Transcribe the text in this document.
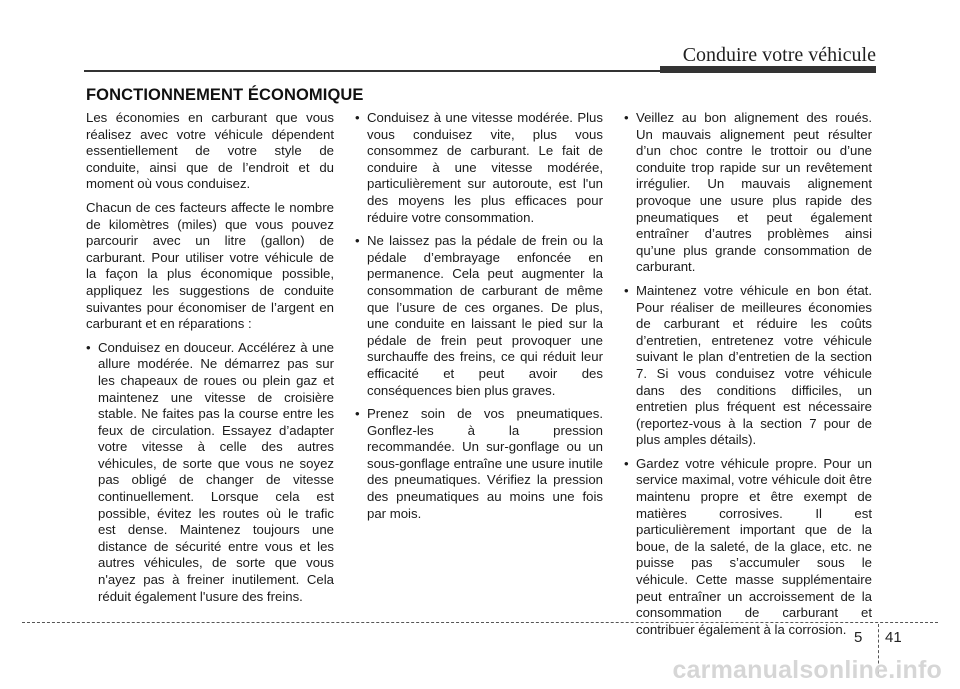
Conduire votre véhicule
FONCTIONNEMENT ÉCONOMIQUE

Les économies en carburant que vous réalisez avec votre véhicule dépendent essentiellement de votre style de conduite, ainsi que de l’endroit et du moment où vous conduisez.

Chacun de ces facteurs affecte le nombre de kilomètres (miles) que vous pouvez parcourir avec un litre (gallon) de carburant. Pour utiliser votre véhicule de la façon la plus économique possible, appliquez les suggestions de conduite suivantes pour économiser de l’argent en carburant et en réparations :

• Conduisez en douceur. Accélérez à une allure modérée. Ne démarrez pas sur les chapeaux de roues ou plein gaz et maintenez une vitesse de croisière stable. Ne faites pas la course entre les feux de circulation. Essayez d’adapter votre vitesse à celle des autres véhicules, de sorte que vous ne soyez pas obligé de changer de vitesse continuellement. Lorsque cela est possible, évitez les routes où le trafic est dense. Maintenez toujours une distance de sécurité entre vous et les autres véhicules, de sorte que vous n'ayez pas à freiner inutilement. Cela réduit également l'usure des freins.
• Conduisez à une vitesse modérée. Plus vous conduisez vite, plus vous consommez de carburant. Le fait de conduire à une vitesse modérée, particulièrement sur autoroute, est l'un des moyens les plus efficaces pour réduire votre consommation.
• Ne laissez pas la pédale de frein ou la pédale d’embrayage enfoncée en permanence. Cela peut augmenter la consommation de carburant de même que l’usure de ces organes. De plus, une conduite en laissant le pied sur la pédale de frein peut provoquer une surchauffe des freins, ce qui réduit leur efficacité et peut avoir des conséquences bien plus graves.
• Prenez soin de vos pneumatiques. Gonflez-les à la pression recommandée. Un sur-gonflage ou un sous-gonflage entraîne une usure inutile des pneumatiques. Vérifiez la pression des pneumatiques au moins une fois par mois.
• Veillez au bon alignement des roués. Un mauvais alignement peut résulter d’un choc contre le trottoir ou d’une conduite trop rapide sur un revêtement irrégulier. Un mauvais alignement provoque une usure plus rapide des pneumatiques et peut également entraîner d’autres problèmes ainsi qu’une plus grande consommation de carburant.
• Maintenez votre véhicule en bon état. Pour réaliser de meilleures économies de carburant et réduire les coûts d’entretien, entretenez votre véhicule suivant le plan d’entretien de la section 7. Si vous conduisez votre véhicule dans des conditions difficiles, un entretien plus fréquent est nécessaire (reportez-vous à la section 7 pour de plus amples détails).
• Gardez votre véhicule propre. Pour un service maximal, votre véhicule doit être maintenu propre et être exempt de matières corrosives. Il est particulièrement important que de la boue, de la saleté, de la glace, etc. ne puisse pas s’accumuler sous le véhicule. Cette masse supplémentaire peut entraîner un accroissement de la consommation de carburant et contribuer également à la corrosion. 5 41
carmanualsonline.info
